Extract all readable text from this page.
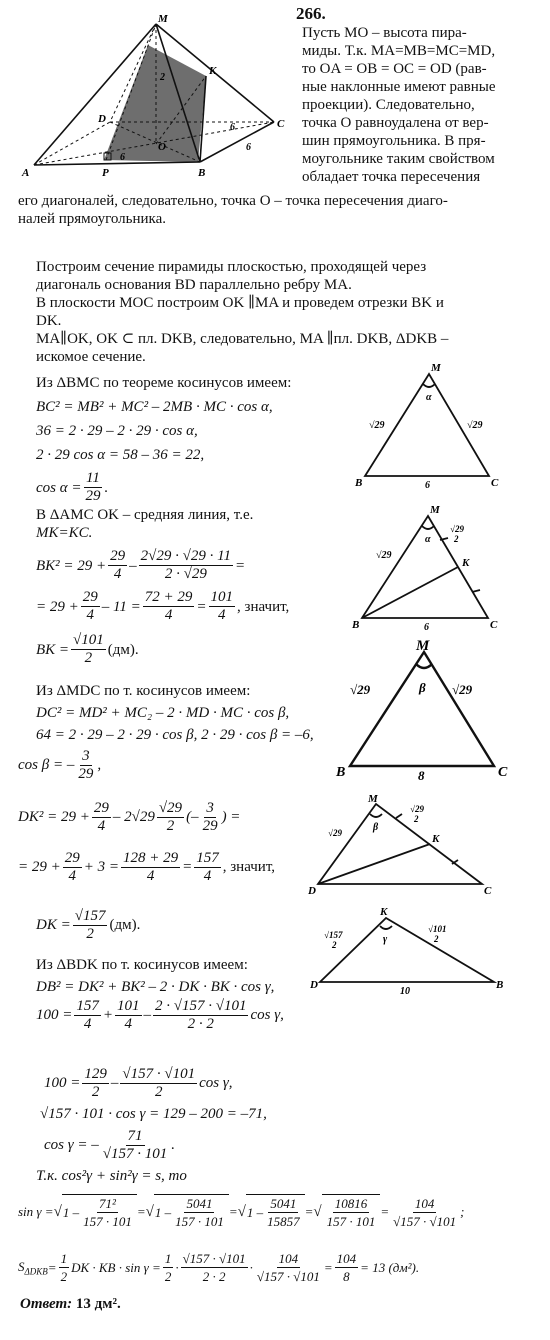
M
K
D	C
A	P
O
B
2
6
6
6
266.
Пусть MO – высота пира-
миды. Т.к. MA=MB=MC=MD,
то OA = OB = OC = OD (рав-
ные наклонные имеют равные
проекции). Следовательно,
точка O равноудалена от вер-
шин прямоугольника. В пря-
моугольнике таким свойством
обладает точка пересечения
его диагоналей, следовательно, точка O – точка пересечения диаго-
налей прямоугольника.
Построим сечение пирамиды плоскостью, проходящей через
диагональ основания BD параллельно ребру MA.
В плоскости MOC построим OK ∥MA и проведем отрезки BK и
DK.
MA∥OK, OK ⊂ пл. DKB, следовательно, MA ∥пл. DKB, ΔDKB –
искомое сечение.
Из ΔBMC по теореме косинусов имеем:
BC² = MB² + MC² – 2MB · MC · cos α,
36 = 2 · 29 – 2 · 29 · cos α,
2 · 29 cos α = 58 – 36 = 22,
$\cos \alpha = \frac{11}{29}$ .
В ΔAMC OK – средняя линия, т.е.
MK=KC.
$BK^2 = 29 + \frac{29}{4} - \frac{2√29 \cdot √29 \cdot 11}{2 \cdot √29}$ =
= $29 + \frac{29}{4} - 11 = \frac{72 + 29}{4} = \frac{101}{4}$ , значит,
BK = $\frac{√101}{2} (дм)$.
Из ΔMDC по т. косинусов имеем:
DC² = MD² + MC₂ – 2 · MD · MC · cos β,
64 = 2 · 29 – 2 · 29 · cos β, 2 · 29 · cos β = –6,
cos β = – $\frac{3}{29}$ ,
$DK^2 = 29 + \frac{29}{4} - 2√29 \frac{√29}{2}$ (– $\frac{3}{29}$ ) =
= $29 + \frac{29}{4} + 3 = \frac{128 + 29}{4} = \frac{157}{4}$ , значит,
DK = $\frac{√157}{2} (дм)$.
Из ΔBDK по т. косинусов имеем:
DB² = DK² + BK² – 2 · DK · BK · cos γ,
$100 = \frac{157}{4} + \frac{101}{4} - \frac{2 \cdot √157 \cdot √101}{2 \cdot 2}$ cos γ,
$100 = \frac{129}{2} - \frac{√157 \cdot √101}{2}$ cos γ,
√157 · 101 · cos γ = 129 – 200 = –71,
cos γ = – $\frac{71}{√157 \cdot 101}$ .
Т.к. cos²γ + sin²γ = s, то
sin γ = √ $1 - \frac{\text{71²}}{157 \cdot 101}$ = √ $1 - \frac{5041}{157 \cdot 101}$ = √ $1 - \frac{5041}{15857}$ = √ $\frac{10816}{157 \cdot 101} = \frac{104}{√157 \cdot √101}$ ;
$S_{\Delta DKB} = \frac{1}{2}$ DK · KB · $\sin \gamma = \frac{1}{2} \cdot \frac{√157 \cdot √101}{2 \cdot 2} \cdot \frac{104}{√157 \cdot √101} = \frac{104}{8} = 13$ (дм²).
Ответ: 13 дм².
M
α
√29	√29
B	6	C
M
α
√29
√29
2
K
B	6	C
M
β
√29	√29
B	8	C
M
β
√29
√29
2
K
D	C
K
γ
√157
2
√101
2
D
10
B
